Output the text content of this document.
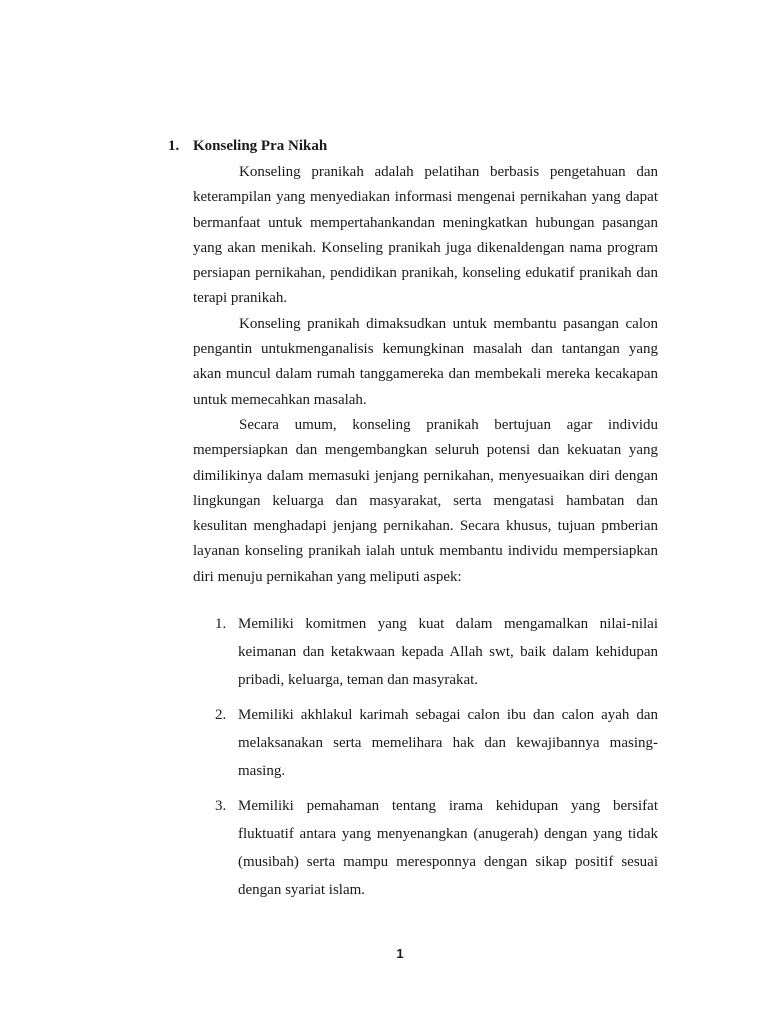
1. Konseling Pra Nikah

Konseling pranikah adalah pelatihan berbasis pengetahuan dan keterampilan yang menyediakan informasi mengenai pernikahan yang dapat bermanfaat untuk mempertahankandan meningkatkan hubungan pasangan yang akan menikah. Konseling pranikah juga dikenaldengan nama program persiapan pernikahan, pendidikan pranikah, konseling edukatif pranikah dan terapi pranikah.

Konseling pranikah dimaksudkan untuk membantu pasangan calon pengantin untukmenganalisis kemungkinan masalah dan tantangan yang akan muncul dalam rumah tanggamereka dan membekali mereka kecakapan untuk memecahkan masalah.

Secara umum, konseling pranikah bertujuan agar individu mempersiapkan dan mengembangkan seluruh potensi dan kekuatan yang dimilikinya dalam memasuki jenjang pernikahan, menyesuaikan diri dengan lingkungan keluarga dan masyarakat, serta mengatasi hambatan dan kesulitan menghadapi jenjang pernikahan. Secara khusus, tujuan pmberian layanan konseling pranikah ialah untuk membantu individu mempersiapkan diri menuju pernikahan yang meliputi aspek:

1. Memiliki komitmen yang kuat dalam mengamalkan nilai-nilai keimanan dan ketakwaan kepada Allah swt, baik dalam kehidupan pribadi, keluarga, teman dan masyrakat.
2. Memiliki akhlakul karimah sebagai calon ibu dan calon ayah dan melaksanakan serta memelihara hak dan kewajibannya masing-masing.
3. Memiliki pemahaman tentang irama kehidupan yang bersifat fluktuatif antara yang menyenangkan (anugerah) dengan yang tidak (musibah) serta mampu meresponnya dengan sikap positif sesuai dengan syariat islam.
1
